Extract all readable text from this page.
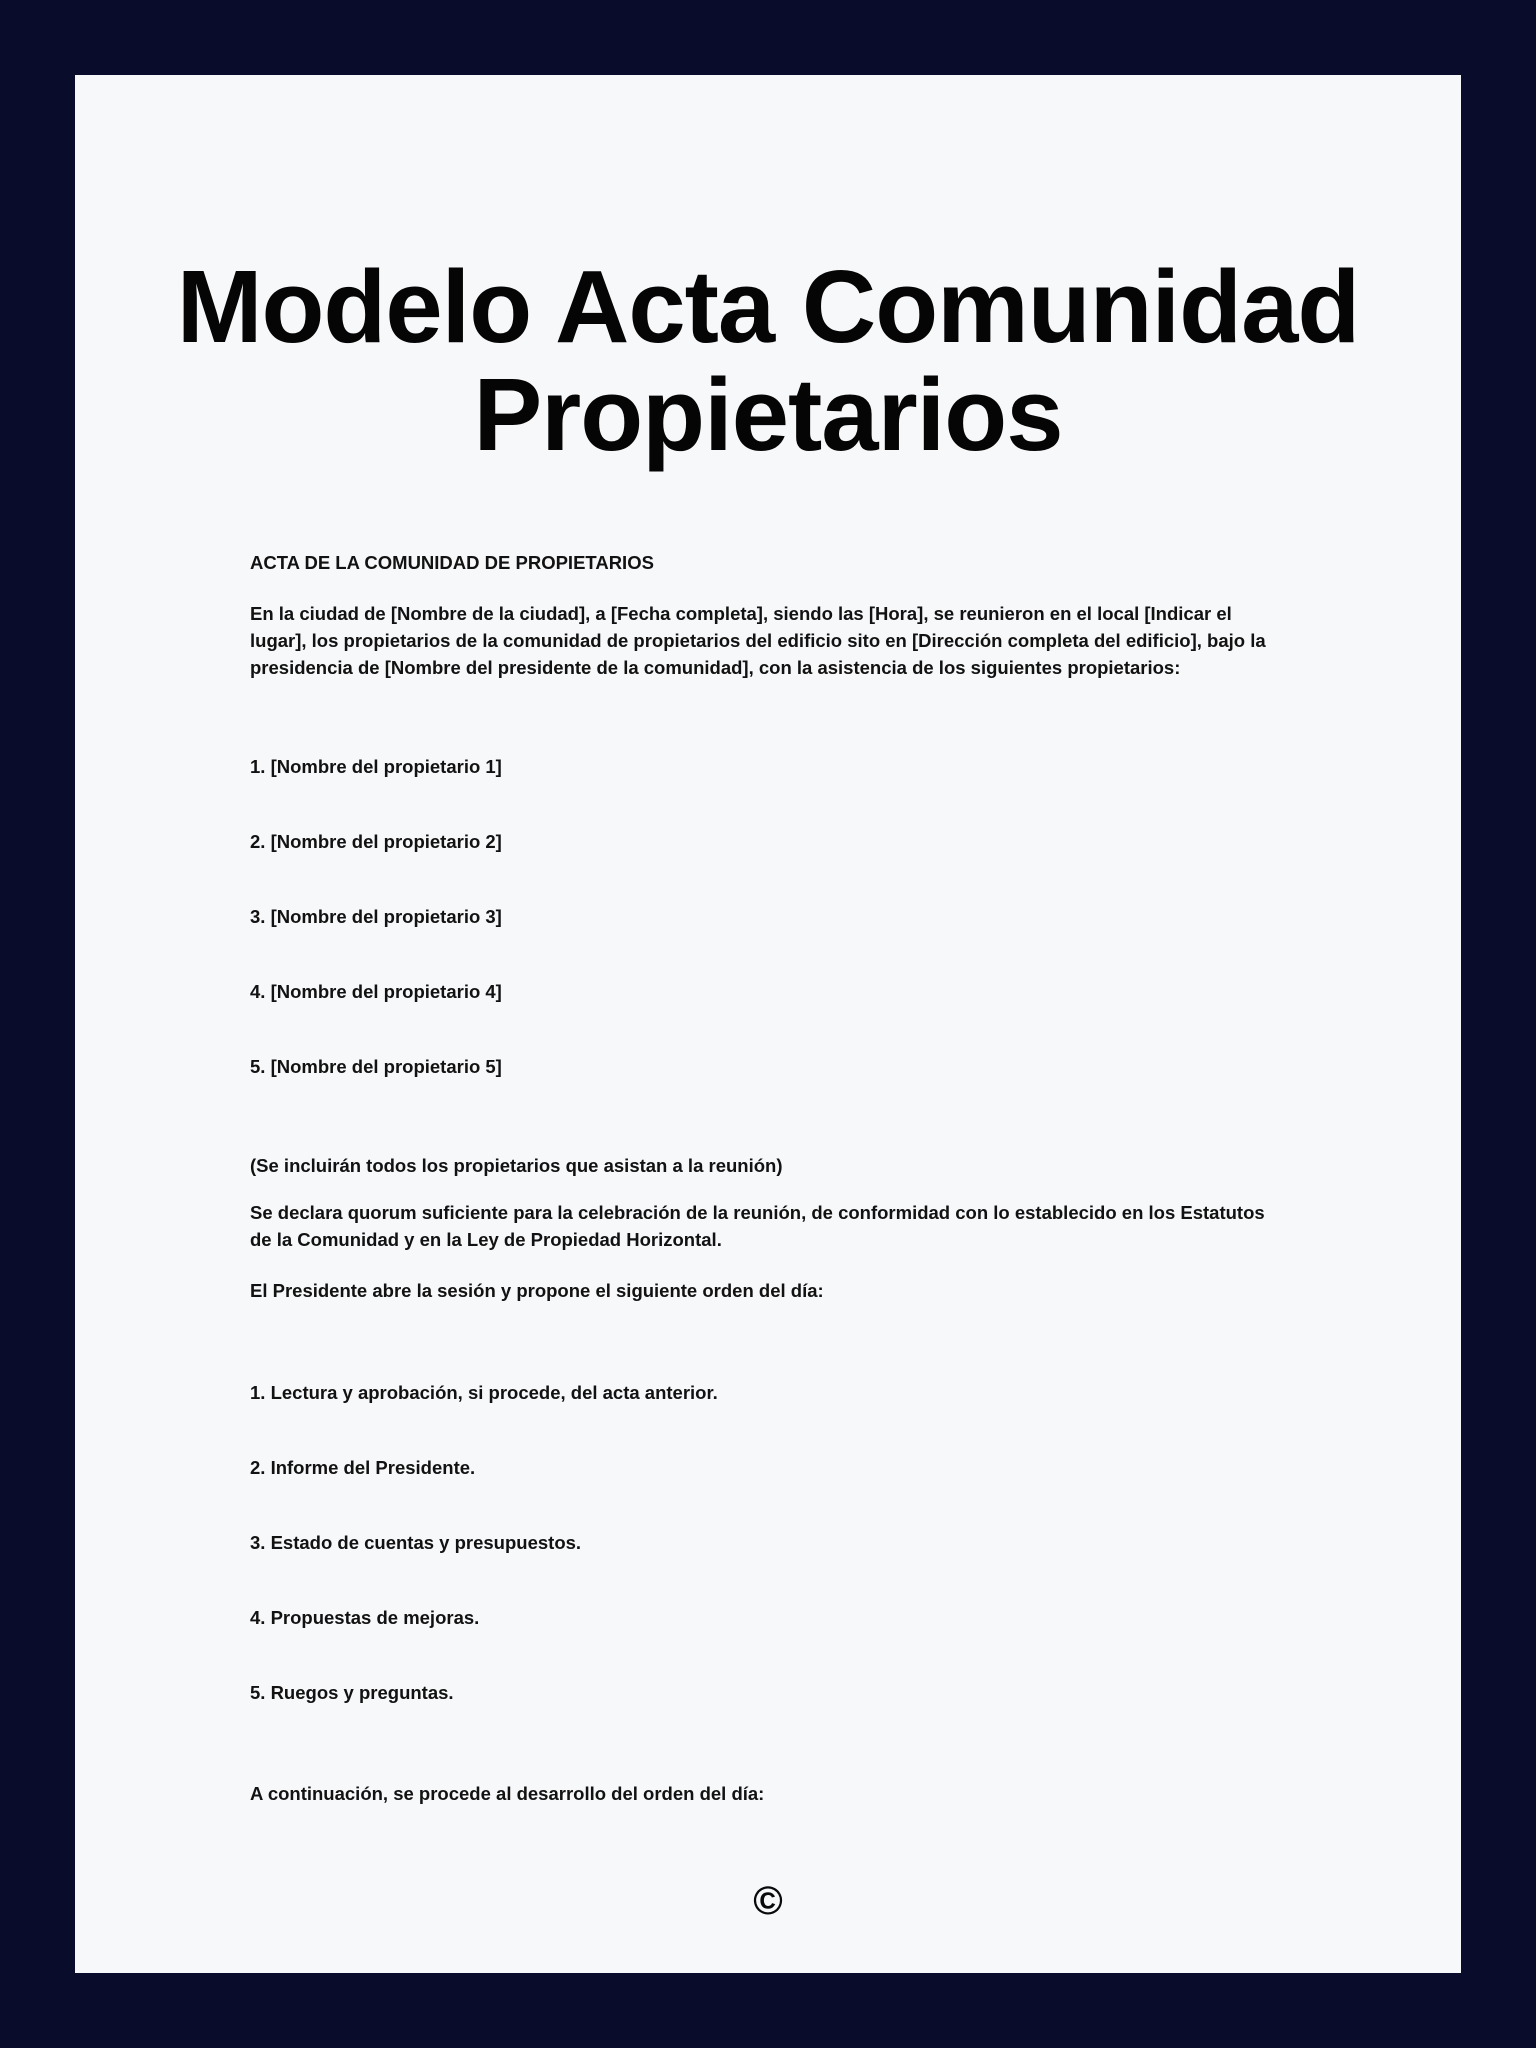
Modelo Acta Comunidad Propietarios

ACTA DE LA COMUNIDAD DE PROPIETARIOS

En la ciudad de [Nombre de la ciudad], a [Fecha completa], siendo las [Hora], se reunieron en el local [Indicar el lugar], los propietarios de la comunidad de propietarios del edificio sito en [Dirección completa del edificio], bajo la presidencia de [Nombre del presidente de la comunidad], con la asistencia de los siguientes propietarios:

1. [Nombre del propietario 1]
2. [Nombre del propietario 2]
3. [Nombre del propietario 3]
4. [Nombre del propietario 4]
5. [Nombre del propietario 5]

(Se incluirán todos los propietarios que asistan a la reunión)

Se declara quorum suficiente para la celebración de la reunión, de conformidad con lo establecido en los Estatutos de la Comunidad y en la Ley de Propiedad Horizontal.

El Presidente abre la sesión y propone el siguiente orden del día:

1. Lectura y aprobación, si procede, del acta anterior.
2. Informe del Presidente.
3. Estado de cuentas y presupuestos.
4. Propuestas de mejoras.
5. Ruegos y preguntas.

A continuación, se procede al desarrollo del orden del día:

©
